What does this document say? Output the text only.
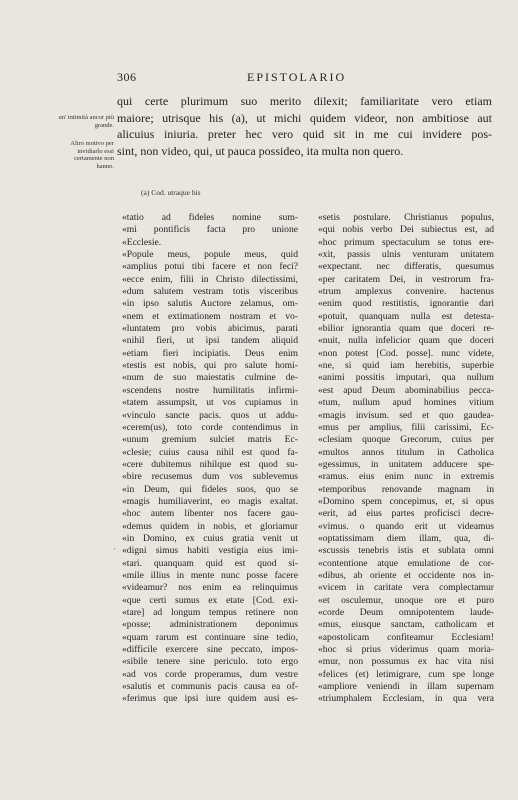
306	EPISTOLARIO
un' intimità ancor più grande.
Altro motivo per invidiarlo essi certamente non hanno.
qui certe plurimum suo merito dilexit; familiaritate vero etiam
maiore; utrisque his (a), ut michi quidem videor, non ambitiose aut
alicuius iniuria. preter hec vero quid sit in me cui invidere pos-
sint, non video, qui, ut pauca possideo, ita multa non quero.
(a) Cod. utraque his
«tatio ad fideles nomine sum-
«mi pontificis facta pro unione
«Ecclesie.
«Popule meus, popule meus, quid
«amplius potui tibi facere et non feci?
«ecce enim, filii in Christo dilectissimi,
«dum salutem vestram totis visceribus
«in ipso salutis Auctore zelamus, om-
«nem et extimationem nostram et vo-
«luntatem pro vobis abicimus, parati
«nihil fieri, ut ipsi tandem aliquid
«etiam fieri incipiatis. Deus enim
«testis est nobis, qui pro salute homi-
«num de suo maiestatis culmine de-
«scendens nostre humilitatis infirmi-
«tatem assumpsit, ut vos cupiamus in
«vinculo sancte pacis. quos ut addu-
«cerem(us), toto corde contendimus in
«unum gremium sulciet matris Ec-
«clesie; cuius causa nihil est quod fa-
«cere dubitemus nihilque est quod su-
«bire recusemus dum vos sublevemus
«in Deum, qui fideles suos, quo se
«magis humiliaverint, eo magis exaltat.
«hoc autem libenter nos facere gau-
«demus quidem in nobis, et gloriamur
«in Domino, ex cuius gratia venit ut
«digni simus habiti vestigia eius imi-
«tari. quanquam quid est quod si-
«mile illius in mente nunc posse facere
«videamur? nos enim ea relinquimus
«que certi sumus ex etate [Cod. exi-
«tare] ad longum tempus retinere non
«posse; administrationem deponimus
«quam rarum est continuare sine tedio,
«difficile exercere sine peccato, impos-
«sibile tenere sine periculo. toto ergo
«ad vos corde properamus, dum vestre
«salutis et communis pacis causa ea of-
«ferimus que ipsi iure quidem ausi es-
«setis postulare. Christianus populus,
«qui nobis verbo Dei subiectus est, ad
«hoc primum spectaculum se totus ere-
«xit, passis ulnis venturam unitatem
«expectant. nec differatis, quesumus
«per caritatem Dei, in vestrorum fra-
«trum amplexus convenire. hactenus
«enim quod restitistis, ignorantie dari
«potuit, quanquam nulla est detesta-
«bilior ignorantia quam que doceri re-
«nuit, nulla infelicior quam que doceri
«non potest [Cod. posse]. nunc videte,
«ne, si quid iam herebitis, superbie
«animi possitis imputari, qua nullum
«est apud Deum abominabilius pecca-
«tum, nullum apud homines vitium
«magis invisum. sed et quo gaudea-
«mus per amplius, filii carissimi, Ec-
«clesiam quoque Grecorum, cuius per
«multos annos titulum in Catholica
«gessimus, in unitatem adducere spe-
«ramus. eius enim nunc in extremis
«temporibus renovande magnam in
«Domino spem concepimus, et, si opus
«erit, ad eius partes proficisci decre-
«vimus. o quando erit ut videamus
«optatissimam diem illam, qua, di-
«scussis tenebris istis et sublata omni
«contentione atque emulatione de cor-
«dibus, ab oriente et occidente nos in-
«vicem in caritate vera complectamur
«et osculemur, unoque ore et puro
«corde Deum omnipotentem laude-
«mus, eiusque sanctam, catholicam et
«apostolicam confiteamur Ecclesiam!
«hoc si prius viderimus quam moria-
«mur, non possumus ex hac vita nisi
«felices (et) letimigrare, cum spe longe
«ampliore veniendi in illam supernam
«triumphalem Ecclesiam, in qua vera
'
